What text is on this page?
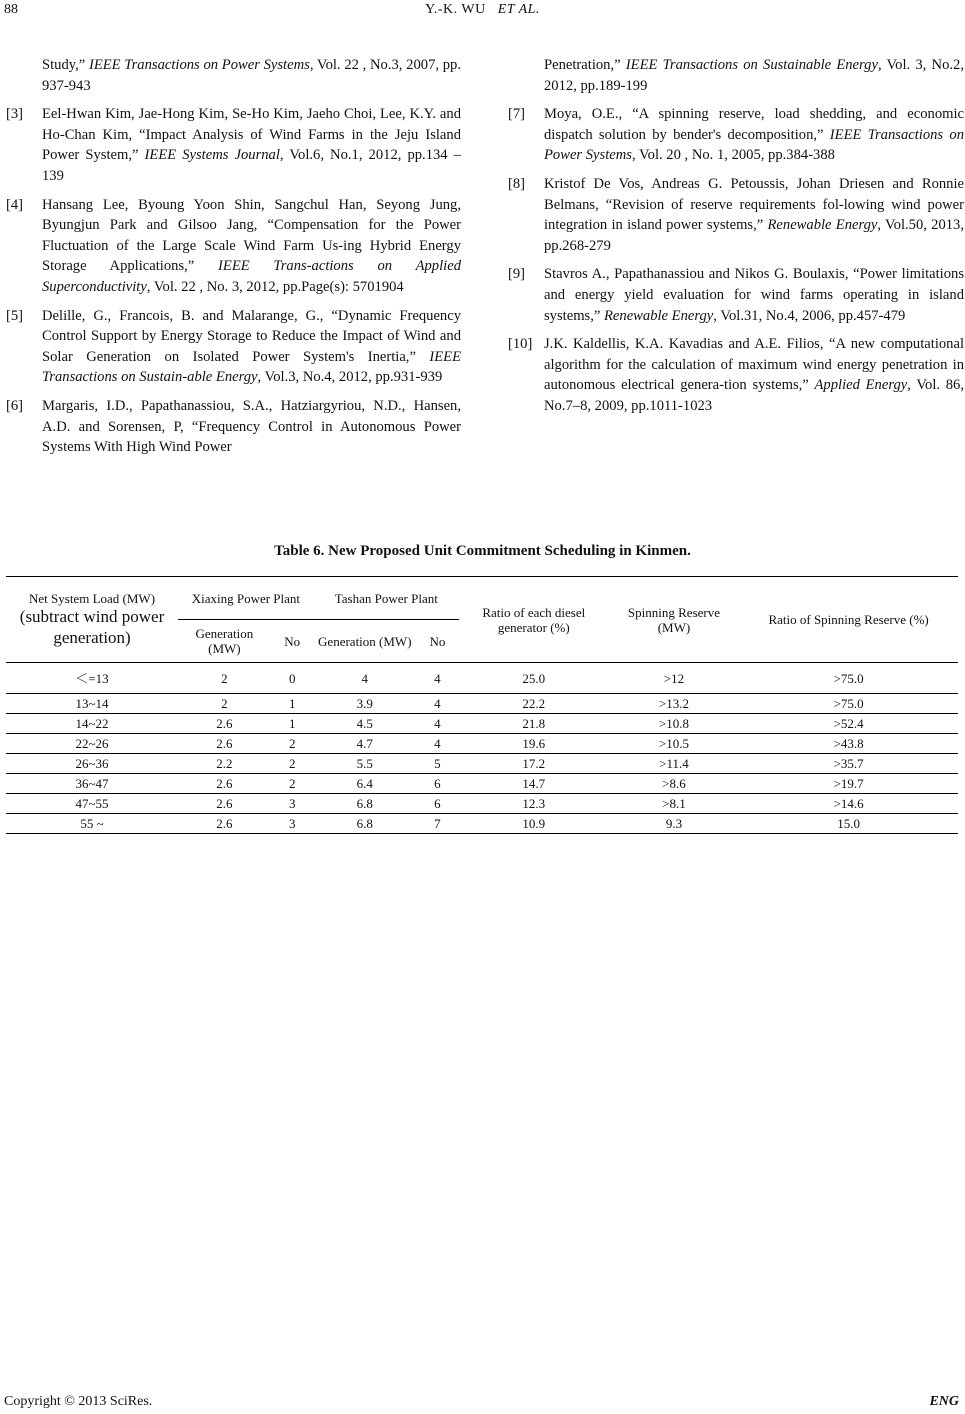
88	Y.-K. WU ET AL.
Study,” IEEE Transactions on Power Systems, Vol. 22 , No.3, 2007, pp. 937-943
[3] Eel-Hwan Kim, Jae-Hong Kim, Se-Ho Kim, Jaeho Choi, Lee, K.Y. and Ho-Chan Kim, “Impact Analysis of Wind Farms in the Jeju Island Power System,” IEEE Systems Journal, Vol.6, No.1, 2012, pp.134 – 139
[4] Hansang Lee, Byoung Yoon Shin, Sangchul Han, Seyong Jung, Byungjun Park and Gilsoo Jang, “Compensation for the Power Fluctuation of the Large Scale Wind Farm Us-ing Hybrid Energy Storage Applications,” IEEE Trans-actions on Applied Superconductivity, Vol. 22 , No. 3, 2012, pp.Page(s): 5701904
[5] Delille, G., Francois, B. and Malarange, G., “Dynamic Frequency Control Support by Energy Storage to Reduce the Impact of Wind and Solar Generation on Isolated Power System's Inertia,” IEEE Transactions on Sustain-able Energy, Vol.3, No.4, 2012, pp.931-939
[6] Margaris, I.D., Papathanassiou, S.A., Hatziargyriou, N.D., Hansen, A.D. and Sorensen, P, “Frequency Control in Autonomous Power Systems With High Wind Power
Penetration,” IEEE Transactions on Sustainable Energy, Vol. 3, No.2, 2012, pp.189-199
[7] Moya, O.E., “A spinning reserve, load shedding, and economic dispatch solution by bender's decomposition,” IEEE Transactions on Power Systems, Vol. 20 , No. 1, 2005, pp.384-388
[8] Kristof De Vos, Andreas G. Petoussis, Johan Driesen and Ronnie Belmans, “Revision of reserve requirements fol-lowing wind power integration in island power systems,” Renewable Energy, Vol.50, 2013, pp.268-279
[9] Stavros A., Papathanassiou and Nikos G. Boulaxis, “Power limitations and energy yield evaluation for wind farms operating in island systems,” Renewable Energy, Vol.31, No.4, 2006, pp.457-479
[10] J.K. Kaldellis, K.A. Kavadias and A.E. Filios, “A new computational algorithm for the calculation of maximum wind energy penetration in autonomous electrical genera-tion systems,” Applied Energy, Vol. 86, No.7–8, 2009, pp.1011-1023
Table 6. New Proposed Unit Commitment Scheduling in Kinmen.
Net System Load (MW)
(subtract wind power generation)	Xiaxing Power Plant		Tashan Power Plant		Ratio of each diesel generator (%)	Spinning Reserve (MW)	Ratio of Spinning Reserve (%)
	Generation (MW)	No	Generation (MW)	No			
＜=13	2	0	4	4	25.0	>12	>75.0
13~14	2	1	3.9	4	22.2	>13.2	>75.0
14~22	2.6	1	4.5	4	21.8	>10.8	>52.4
22~26	2.6	2	4.7	4	19.6	>10.5	>43.8
26~36	2.2	2	5.5	5	17.2	>11.4	>35.7
36~47	2.6	2	6.4	6	14.7	>8.6	>19.7
47~55	2.6	3	6.8	6	12.3	>8.1	>14.6
55 ~	2.6	3	6.8	7	10.9	9.3	15.0
Copyright © 2013 SciRes.	ENG
